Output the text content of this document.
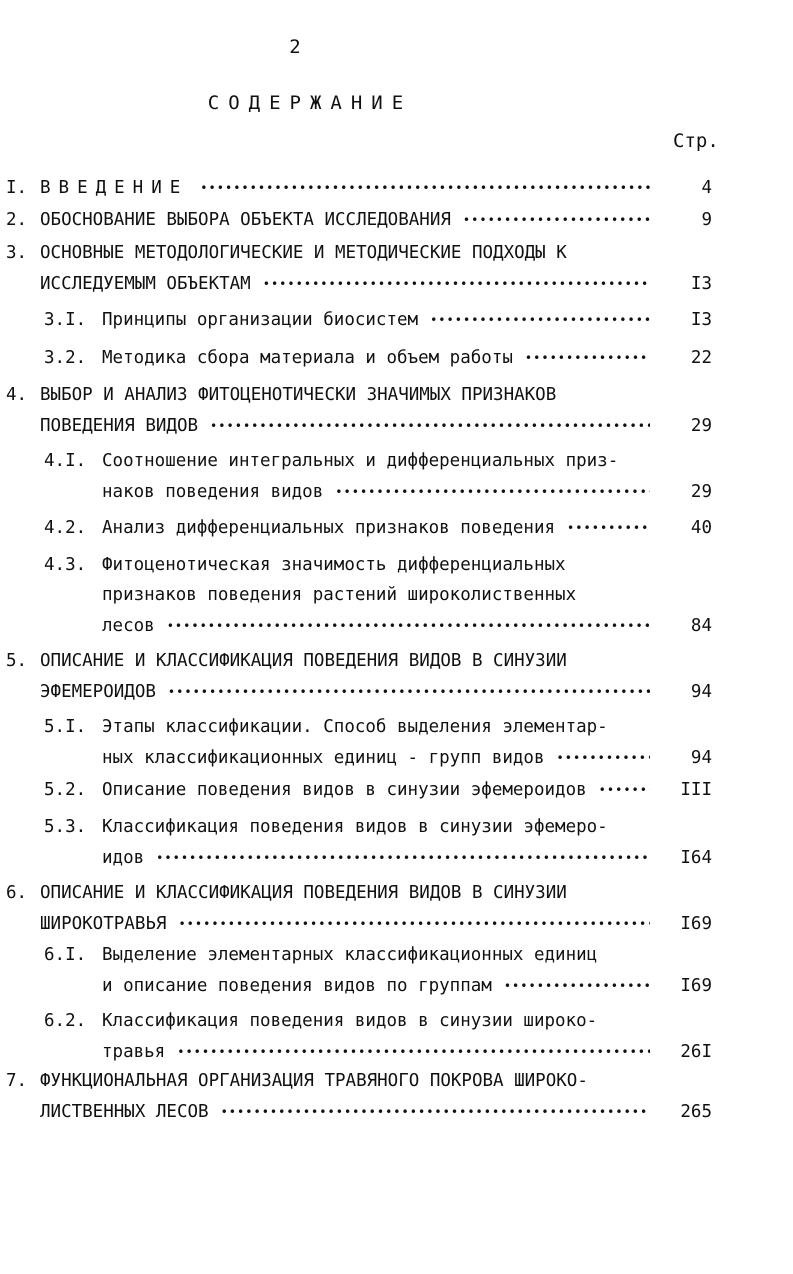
2
СОДЕРЖАНИЕ
Стр.
I. ВВЕДЕНИЕ •••••	4
2. ОБОСНОВАНИЕ ВЫБОРА ОБЪЕКТА ИССЛЕДОВАНИЯ •••••	9
3. ОСНОВНЫЕ МЕТОДОЛОГИЧЕСКИЕ И МЕТОДИЧЕСКИЕ ПОДХОДЫ К
ИССЛЕДУЕМЫМ ОБЪЕКТАМ •••••	I3
3.I. Принципы организации биосистем •••••	I3
3.2. Методика сбора материала и объем работы •••••	22
4. ВЫБОР И АНАЛИЗ ФИТОЦЕНОТИЧЕСКИ ЗНАЧИМЫХ ПРИЗНАКОВ
ПОВЕДЕНИЯ ВИДОВ •••••	29
4.I. Соотношение интегральных и дифференциальных приз-
наков поведения видов •••••	29
4.2. Анализ дифференциальных признаков поведения •••••	40
4.3. Фитоценотическая значимость дифференциальных
признаков поведения растений широколиственных
лесов •••••	84
5. ОПИСАНИЕ И КЛАССИФИКАЦИЯ ПОВЕДЕНИЯ ВИДОВ В СИНУЗИИ
ЭФЕМЕРОИДОВ •••••	94
5.I. Этапы классификации. Способ выделения элементар-
ных классификационных единиц - групп видов •••••	94
5.2. Описание поведения видов в синузии эфемероидов •••••	III
5.3. Классификация поведения видов в синузии эфемеро-
идов •••••	I64
6. ОПИСАНИЕ И КЛАССИФИКАЦИЯ ПОВЕДЕНИЯ ВИДОВ В СИНУЗИИ
ШИРОКОТРАВЬЯ •••••	I69
6.I. Выделение элементарных классификационных единиц
и описание поведения видов по группам •••••	I69
6.2. Классификация поведения видов в синузии широко-
травья •••••	26I
7. ФУНКЦИОНАЛЬНАЯ ОРГАНИЗАЦИЯ ТРАВЯНОГО ПОКРОВА ШИРОКО-
ЛИСТВЕННЫХ ЛЕСОВ •••••	265
